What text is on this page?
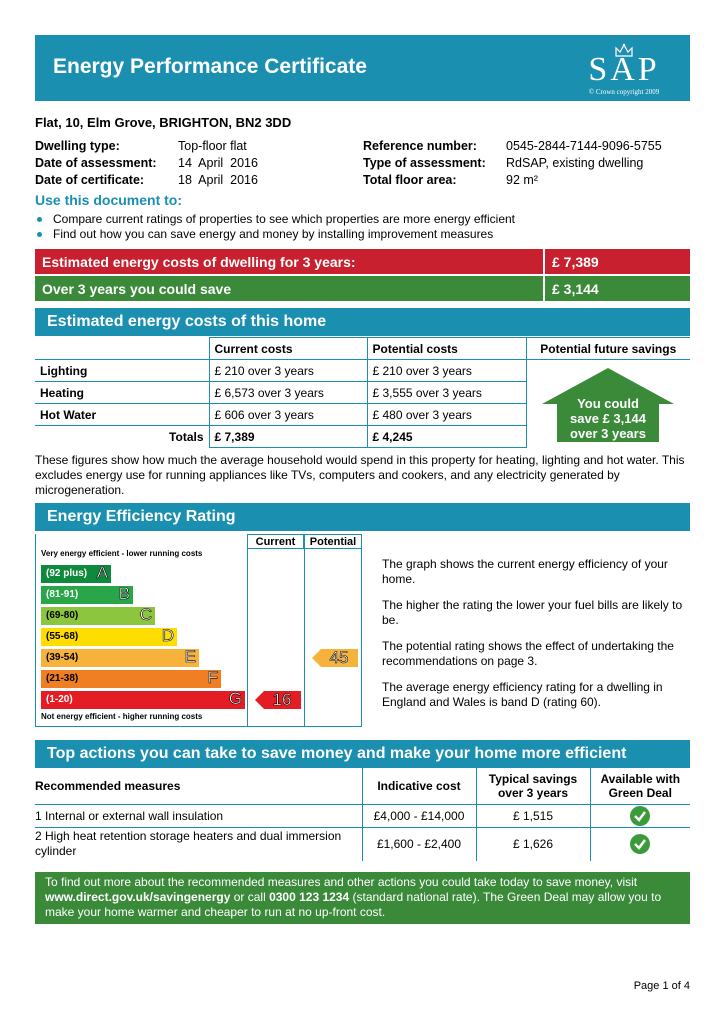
Energy Performance Certificate	SAP
© Crown copyright 2009
Flat, 10, Elm Grove, BRIGHTON, BN2 3DD
Dwelling type:	Top-floor flat
Date of assessment: 14  April  2016
Date of certificate:	18  April  2016
Reference number: 0545-2844-7144-9096-5755
Type of assessment: RdSAP, existing dwelling
Total floor area:	92 m²
Use this document to:
Compare current ratings of properties to see which properties are more energy efficient
Find out how you can save energy and money by installing improvement measures
Estimated energy costs of dwelling for 3 years:	£ 7,389
Over 3 years you could save	£ 3,144
Estimated energy costs of this home
	Current costs	Potential costs	Potential future savings
Lighting	£ 210 over 3 years	£ 210 over 3 years	You could
save £ 3,144
over 3 years

Heating	£ 6,573 over 3 years	£ 3,555 over 3 years	
Hot Water	£ 606 over 3 years	£ 480 over 3 years	
Totals	£ 7,389	£ 4,245	
These figures show how much the average household would spend in this property for heating, lighting and hot water. This excludes energy use for running appliances like TVs, computers and cookers, and any electricity generated by microgeneration.
Energy Efficiency Rating
Current	Potential
Very energy efficient - lower running costs
Not energy efficient - higher running costs
(92 plus) A
(81-91) B
(69-80)	C
(55-68)	D
(39-54)	E
(21-38)	F
(1-20)	G	16
45
The graph shows the current energy efficiency of your home.
The higher the rating the lower your fuel bills are likely to be.
The potential rating shows the effect of undertaking the recommendations on page 3.
The average energy efficiency rating for a dwelling in England and Wales is band D (rating 60).
Top actions you can take to save money and make your home more efficient
Recommended measures	Indicative cost	Typical savings over 3 years	Available with Green Deal
1 Internal or external wall insulation	£4,000 - £14,000	£ 1,515	

2 High heat retention storage heaters and dual immersion cylinder	£1,600 - £2,400	£ 1,626	
To find out more about the recommended measures and other actions you could take today to save money, visit www.direct.gov.uk/savingenergy or call 0300 123 1234 (standard national rate). The Green Deal may allow you to make your home warmer and cheaper to run at no up-front cost.
Page 1 of 4
